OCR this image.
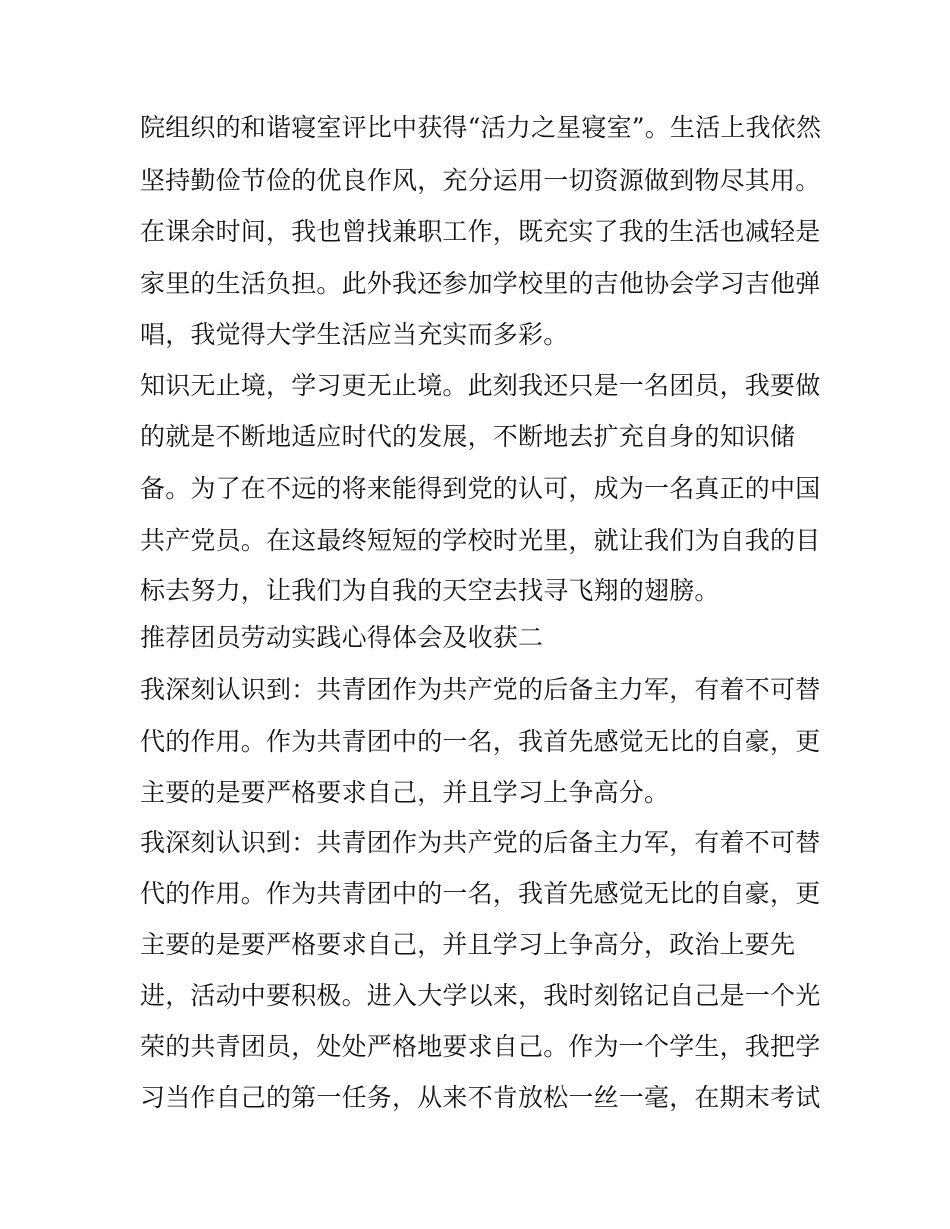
院组织的和谐寝室评比中获得“活力之星寝室”。生活上我依然
坚持勤俭节俭的优良作风，充分运用一切资源做到物尽其用。
在课余时间，我也曾找兼职工作，既充实了我的生活也减轻是
家里的生活负担。此外我还参加学校里的吉他协会学习吉他弹
唱，我觉得大学生活应当充实而多彩。
知识无止境，学习更无止境。此刻我还只是一名团员，我要做
的就是不断地适应时代的发展，不断地去扩充自身的知识储
备。为了在不远的将来能得到党的认可，成为一名真正的中国
共产党员。在这最终短短的学校时光里，就让我们为自我的目
标去努力，让我们为自我的天空去找寻飞翔的翅膀。
推荐团员劳动实践心得体会及收获二
我深刻认识到：共青团作为共产党的后备主力军，有着不可替
代的作用。作为共青团中的一名，我首先感觉无比的自豪，更
主要的是要严格要求自己，并且学习上争高分。
我深刻认识到：共青团作为共产党的后备主力军，有着不可替
代的作用。作为共青团中的一名，我首先感觉无比的自豪，更
主要的是要严格要求自己，并且学习上争高分，政治上要先
进，活动中要积极。进入大学以来，我时刻铭记自己是一个光
荣的共青团员，处处严格地要求自己。作为一个学生，我把学
习当作自己的第一任务，从来不肯放松一丝一毫，在期末考试
